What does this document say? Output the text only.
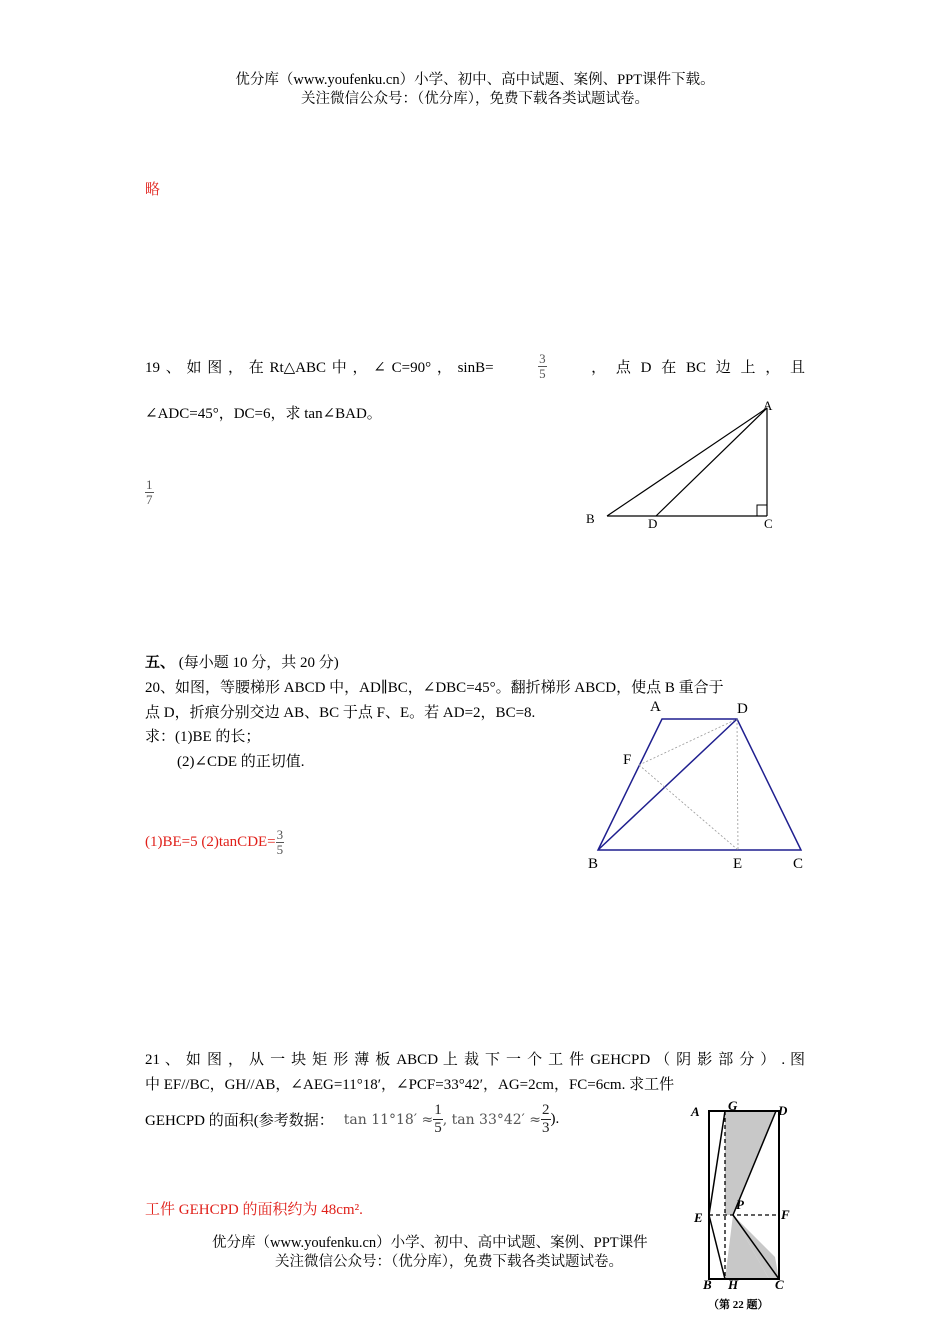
优分库（www.youfenku.cn）小学、初中、高中试题、案例、PPT课件下载。
关注微信公众号：（优分库），免费下载各类试题试卷。
略
19 、 如 图 ， 在 Rt△ABC 中 ， ∠ C=90° ， sinB=	$\frac{3}{5}$	， 点 D 在 BC 边 上 ， 且
∠ADC=45°，DC=6，求 tan∠BAD。
$\frac{1}{7}$
A
B	D	C
五、 (每小题 10 分，共 20 分)
20、如图，等腰梯形 ABCD 中，AD∥BC，∠DBC=45°。翻折梯形 ABCD，使点 B 重合于
点 D，折痕分别交边 AB、BC 于点 F、E。若 AD=2，BC=8.
求：(1)BE 的长；
(2)∠CDE 的正切值.
(1)BE=5 (2)tanCDE= $\frac{3}{5}$
A	D
F
B	E	C
21 、 如 图 ， 从 一 块 矩 形 薄 板 ABCD 上 裁 下 一 个 工 件 GEHCPD （ 阴 影 部 分 ） . 图
中 EF//BC，GH//AB，∠AEG=11°18′，∠PCF=33°42′，AG=2cm，FC=6cm. 求工件
GEHCPD 的面积(参考数据： $\tan 11^\circ 18' \approx \frac{1}{5}$ , $\tan 33^\circ 42' \approx \frac{2}{3}$ ).
工件 GEHCPD 的面积约为 48cm².
A G	D
P
E	F
B H	C
（第 22 题）
优分库（www.youfenku.cn）小学、初中、高中试题、案例、PPT课件
关注微信公众号：（优分库），免费下载各类试题试卷。
